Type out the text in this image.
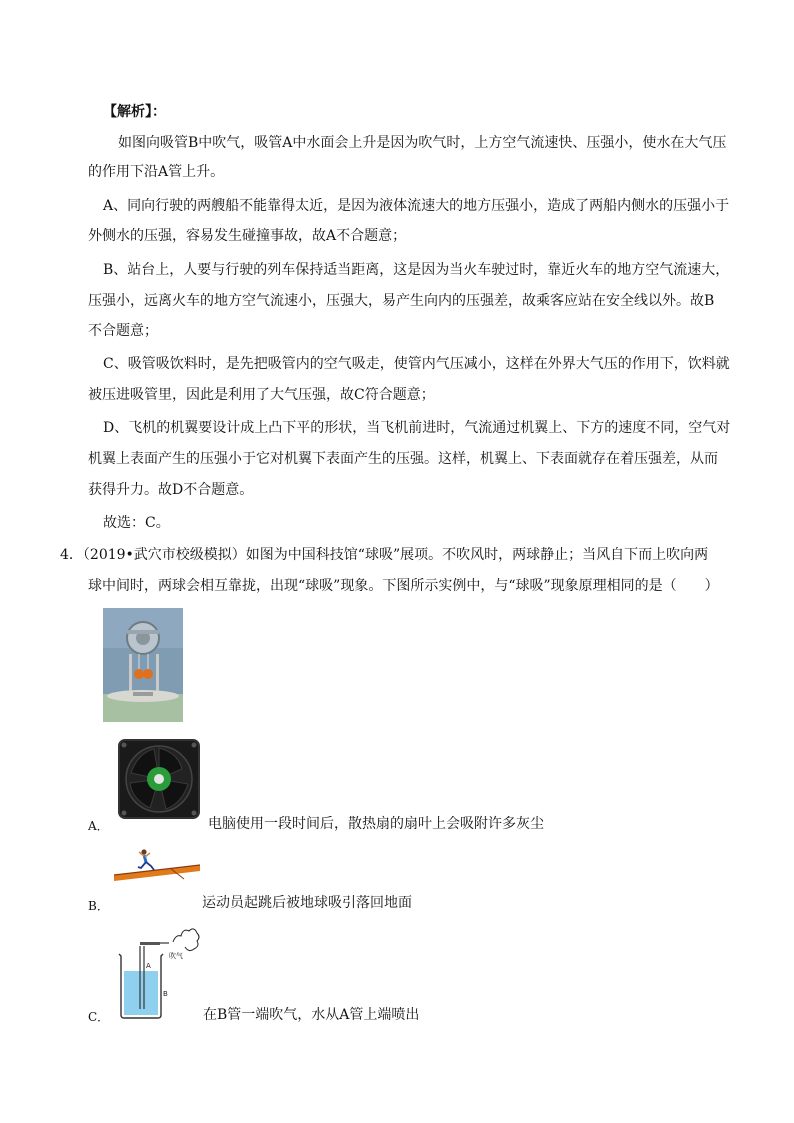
【解析】：
如图向吸管B中吹气，吸管A中水面会上升是因为吹气时，上方空气流速快、压强小，使水在大气压
的作用下沿A管上升。
A、同向行驶的两艘船不能靠得太近，是因为液体流速大的地方压强小，造成了两船内侧水的压强小于
外侧水的压强，容易发生碰撞事故，故A不合题意；
B、站台上，人要与行驶的列车保持适当距离，这是因为当火车驶过时，靠近火车的地方空气流速大，
压强小，远离火车的地方空气流速小，压强大，易产生向内的压强差，故乘客应站在安全线以外。故B
不合题意；
C、吸管吸饮料时，是先把吸管内的空气吸走，使管内气压减小，这样在外界大气压的作用下，饮料就
被压进吸管里，因此是利用了大气压强，故C符合题意；
D、飞机的机翼要设计成上凸下平的形状，当飞机前进时，气流通过机翼上、下方的速度不同，空气对
机翼上表面产生的压强小于它对机翼下表面产生的压强。这样，机翼上、下表面就存在着压强差，从而
获得升力。故D不合题意。
故选：C。
4．（2019•武穴市校级模拟）如图为中国科技馆“球吸”展项。不吹风时，两球静止；当风自下而上吹向两
球中间时，两球会相互靠拢，出现“球吸”现象。下图所示实例中，与“球吸”现象原理相同的是（　　）
A．	电脑使用一段时间后，散热扇的扇叶上会吸附许多灰尘
B．	运动员起跳后被地球吸引落回地面
A
B
吹气
C．	在B管一端吹气，水从A管上端喷出
